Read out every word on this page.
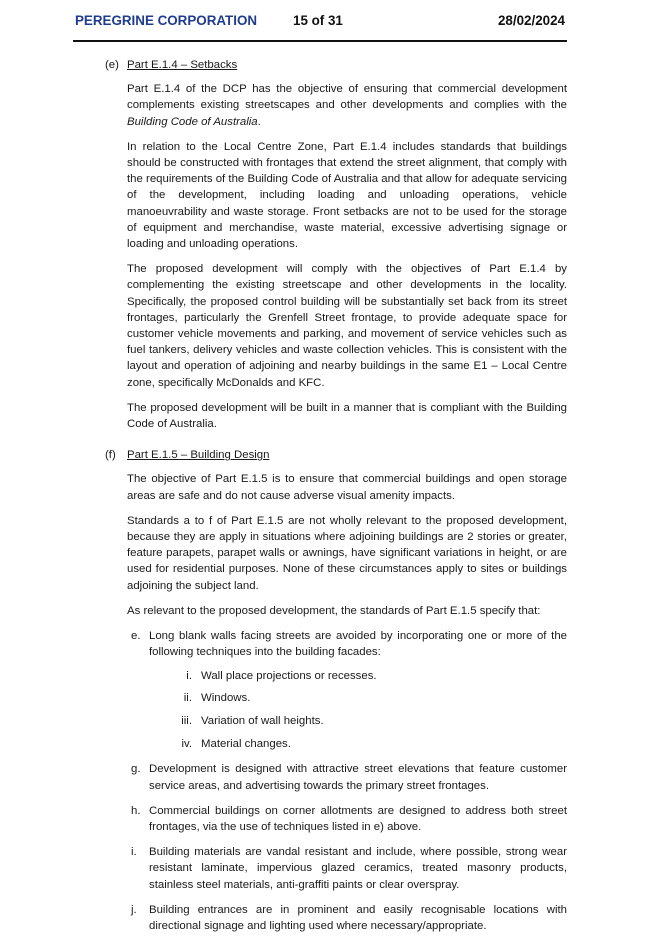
PEREGRINE CORPORATION	15 of 31	28/02/2024
(e) Part E.1.4 – Setbacks

Part E.1.4 of the DCP has the objective of ensuring that commercial development complements existing streetscapes and other developments and complies with the Building Code of Australia.

In relation to the Local Centre Zone, Part E.1.4 includes standards that buildings should be constructed with frontages that extend the street alignment, that comply with the requirements of the Building Code of Australia and that allow for adequate servicing of the development, including loading and unloading operations, vehicle manoeuvrability and waste storage. Front setbacks are not to be used for the storage of equipment and merchandise, waste material, excessive advertising signage or loading and unloading operations.

The proposed development will comply with the objectives of Part E.1.4 by complementing the existing streetscape and other developments in the locality. Specifically, the proposed control building will be substantially set back from its street frontages, particularly the Grenfell Street frontage, to provide adequate space for customer vehicle movements and parking, and movement of service vehicles such as fuel tankers, delivery vehicles and waste collection vehicles. This is consistent with the layout and operation of adjoining and nearby buildings in the same E1 – Local Centre zone, specifically McDonalds and KFC.

The proposed development will be built in a manner that is compliant with the Building Code of Australia.

(f) Part E.1.5 – Building Design

The objective of Part E.1.5 is to ensure that commercial buildings and open storage areas are safe and do not cause adverse visual amenity impacts.

Standards a to f of Part E.1.5 are not wholly relevant to the proposed development, because they are apply in situations where adjoining buildings are 2 stories or greater, feature parapets, parapet walls or awnings, have significant variations in height, or are used for residential purposes. None of these circumstances apply to sites or buildings adjoining the subject land.

As relevant to the proposed development, the standards of Part E.1.5 specify that:

e. Long blank walls facing streets are avoided by incorporating one or more of the following techniques into the building facades:
i. Wall place projections or recesses.
ii. Windows.
iii. Variation of wall heights.
iv. Material changes.
g. Development is designed with attractive street elevations that feature customer service areas, and advertising towards the primary street frontages.
h. Commercial buildings on corner allotments are designed to address both street frontages, via the use of techniques listed in e) above.
i. Building materials are vandal resistant and include, where possible, strong wear resistant laminate, impervious glazed ceramics, treated masonry products, stainless steel materials, anti-graffiti paints or clear overspray.
j. Building entrances are in prominent and easily recognisable locations with directional signage and lighting used where necessary/appropriate.
